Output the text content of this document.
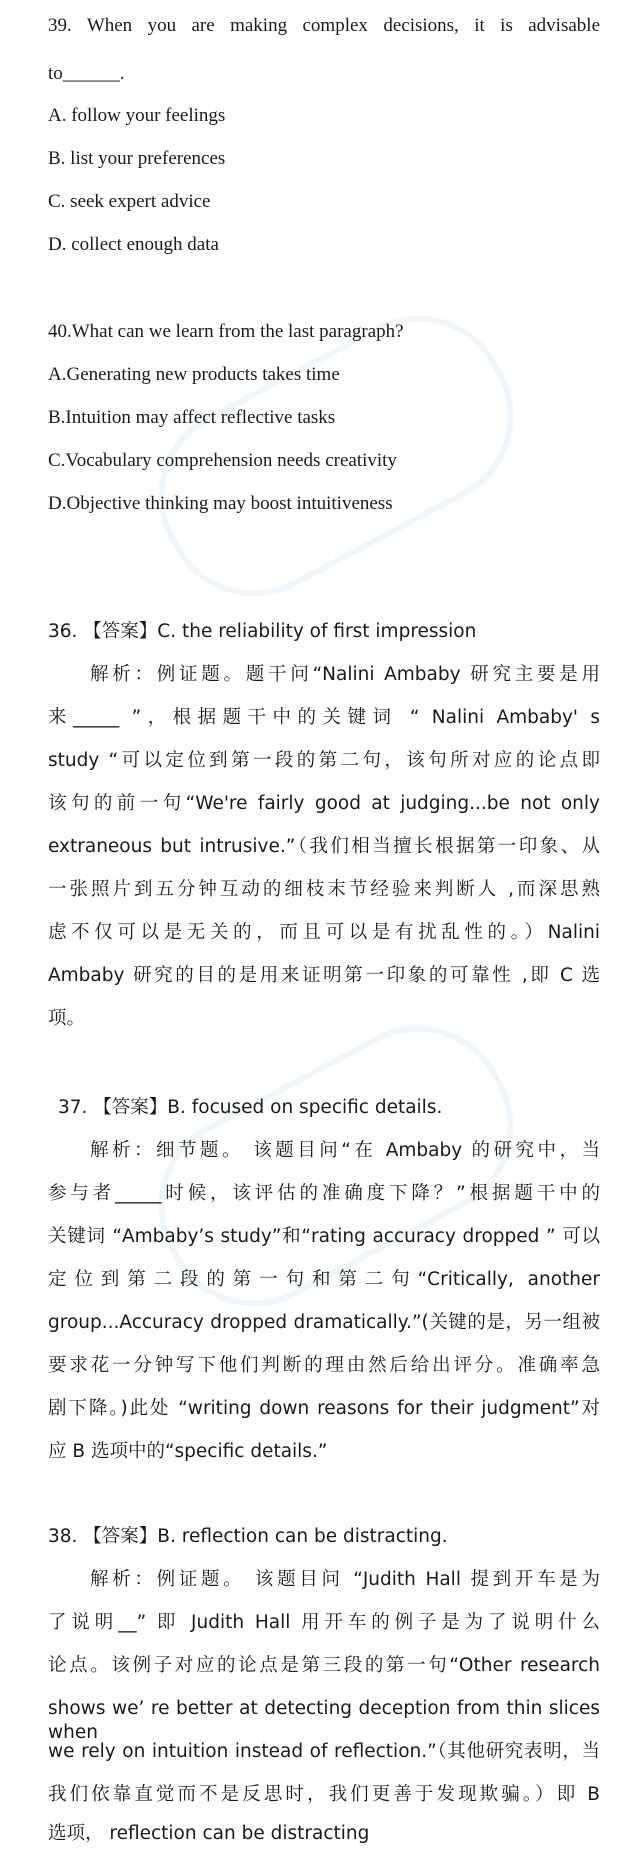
39. When you are making complex decisions, it is advisable
to______.
A. follow your feelings
B. list your preferences
C. seek expert advice
D. collect enough data
40.What can we learn from the last paragraph?
A.Generating new products takes time
B.Intuition may affect reflective tasks
C.Vocabulary comprehension needs creativity
D.Objective thinking may boost intuitiveness
36. 【答案】C. the reliability of first impression
解析：例证题。题干问“Nalini Ambaby 研究主要是用
来_____ ”，根据题干中的关键词 “ Nalini Ambaby' s
study “可以定位到第一段的第二句，该句所对应的论点即
该句的前一句“We're fairly good at judging...be not only
extraneous but intrusive.”（我们相当擅长根据第一印象、从
一张照片到五分钟互动的细枝末节经验来判断人 ,而深思熟
虑不仅可以是无关的，而且可以是有扰乱性的。）Nalini
Ambaby 研究的目的是用来证明第一印象的可靠性 ,即 C 选
项。
37. 【答案】B. focused on specific details.
解析：细节题。 该题目问“在 Ambaby 的研究中，当
参与者_____时候，该评估的准确度下降？”根据题干中的
关键词 “Ambaby’s study”和“rating accuracy dropped ” 可以
定位到第二段的第一句和第二句“Critically, another
group...Accuracy dropped dramatically.”(关键的是，另一组被
要求花一分钟写下他们判断的理由然后给出评分。准确率急
剧下降。)此处 “writing down reasons for their judgment”对
应 B 选项中的“specific details.”
38. 【答案】B. reflection can be distracting.
解析：例证题。 该题目问 “Judith Hall 提到开车是为
了说明__” 即 Judith Hall 用开车的例子是为了说明什么
论点。该例子对应的论点是第三段的第一句“Other research
shows we’ re better at detecting deception from thin slices when
we rely on intuition instead of reflection.”（其他研究表明，当
我们依靠直觉而不是反思时，我们更善于发现欺骗。）即 B
选项， reflection can be distracting
